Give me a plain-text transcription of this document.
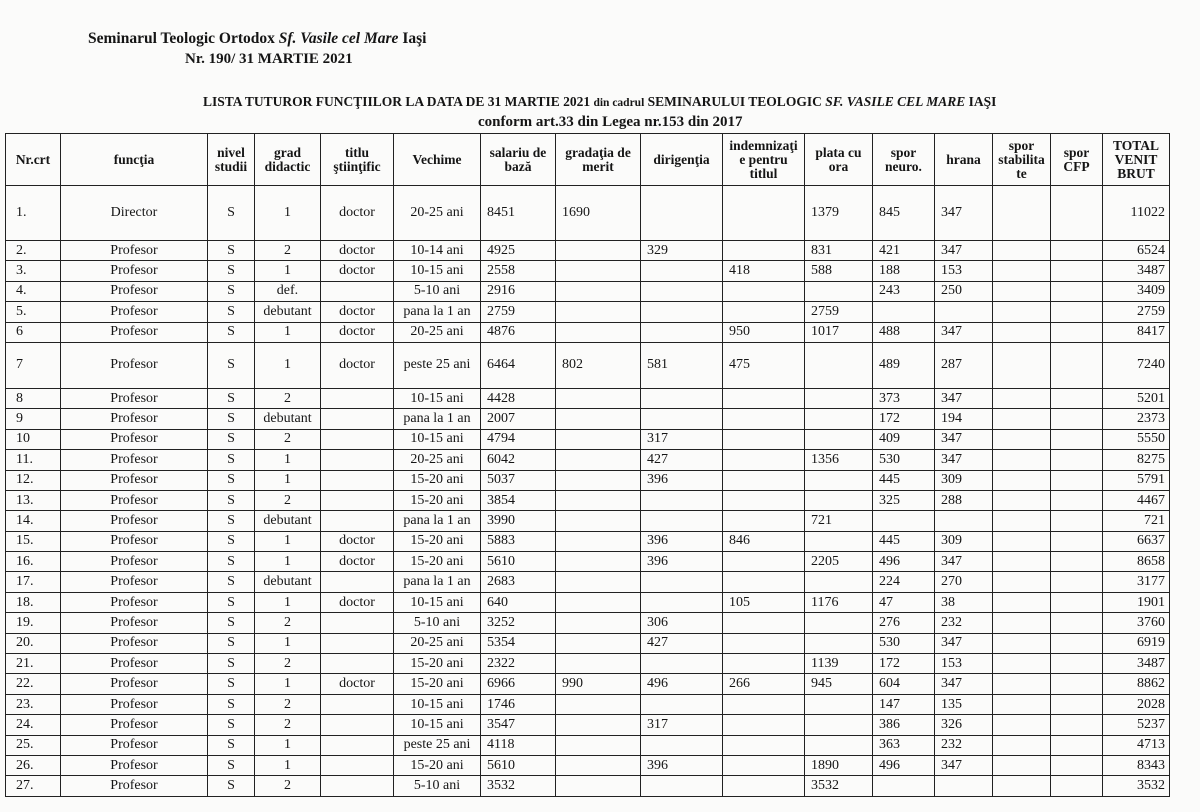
Seminarul Teologic Ortodox Sf. Vasile cel Mare Iaşi
Nr. 190/ 31 MARTIE 2021
LISTA TUTUROR FUNCŢIILOR LA DATA DE 31 MARTIE 2021 din cadrul SEMINARULUI TEOLOGIC SF. VASILE CEL MARE IAŞI
conform art.33 din Legea nr.153 din 2017
Nr.crt	funcţia	nivel studii	grad didactic	titlu ştiinţific	Vechime	salariu de bază	gradaţia de merit	dirigenţia	indemnizaţi e pentru titlul	plata cu ora	spor neuro.	hrana	spor stabilita te	spor CFP	TOTAL VENIT BRUT
1.	Director	S	1	doctor	20-25 ani	8451	1690			1379	845	347			11022
2.	Profesor	S	2	doctor	10-14 ani	4925		329		831	421	347			6524
3.	Profesor	S	1	doctor	10-15 ani	2558			418	588	188	153			3487
4.	Profesor	S	def.		5-10 ani	2916					243	250			3409
5.	Profesor	S	debutant	doctor	pana la 1 an	2759				2759					2759
6	Profesor	S	1	doctor	20-25 ani	4876			950	1017	488	347			8417
7	Profesor	S	1	doctor	peste 25 ani	6464	802	581	475		489	287			7240
8	Profesor	S	2		10-15 ani	4428					373	347			5201
9	Profesor	S	debutant		pana la 1 an	2007					172	194			2373
10	Profesor	S	2		10-15 ani	4794		317			409	347			5550
11.	Profesor	S	1		20-25 ani	6042		427		1356	530	347			8275
12.	Profesor	S	1		15-20 ani	5037		396			445	309			5791
13.	Profesor	S	2		15-20 ani	3854					325	288			4467
14.	Profesor	S	debutant		pana la 1 an	3990				721					721
15.	Profesor	S	1	doctor	15-20 ani	5883		396	846		445	309			6637
16.	Profesor	S	1	doctor	15-20 ani	5610		396		2205	496	347			8658
17.	Profesor	S	debutant		pana la 1 an	2683					224	270			3177
18.	Profesor	S	1	doctor	10-15 ani	640			105	1176	47	38			1901
19.	Profesor	S	2		5-10 ani	3252		306			276	232			3760
20.	Profesor	S	1		20-25 ani	5354		427			530	347			6919
21.	Profesor	S	2		15-20 ani	2322				1139	172	153			3487
22.	Profesor	S	1	doctor	15-20 ani	6966	990	496	266	945	604	347			8862
23.	Profesor	S	2		10-15 ani	1746					147	135			2028
24.	Profesor	S	2		10-15 ani	3547		317			386	326			5237
25.	Profesor	S	1		peste 25 ani	4118					363	232			4713
26.	Profesor	S	1		15-20 ani	5610		396		1890	496	347			8343
27.	Profesor	S	2		5-10 ani	3532				3532					3532
